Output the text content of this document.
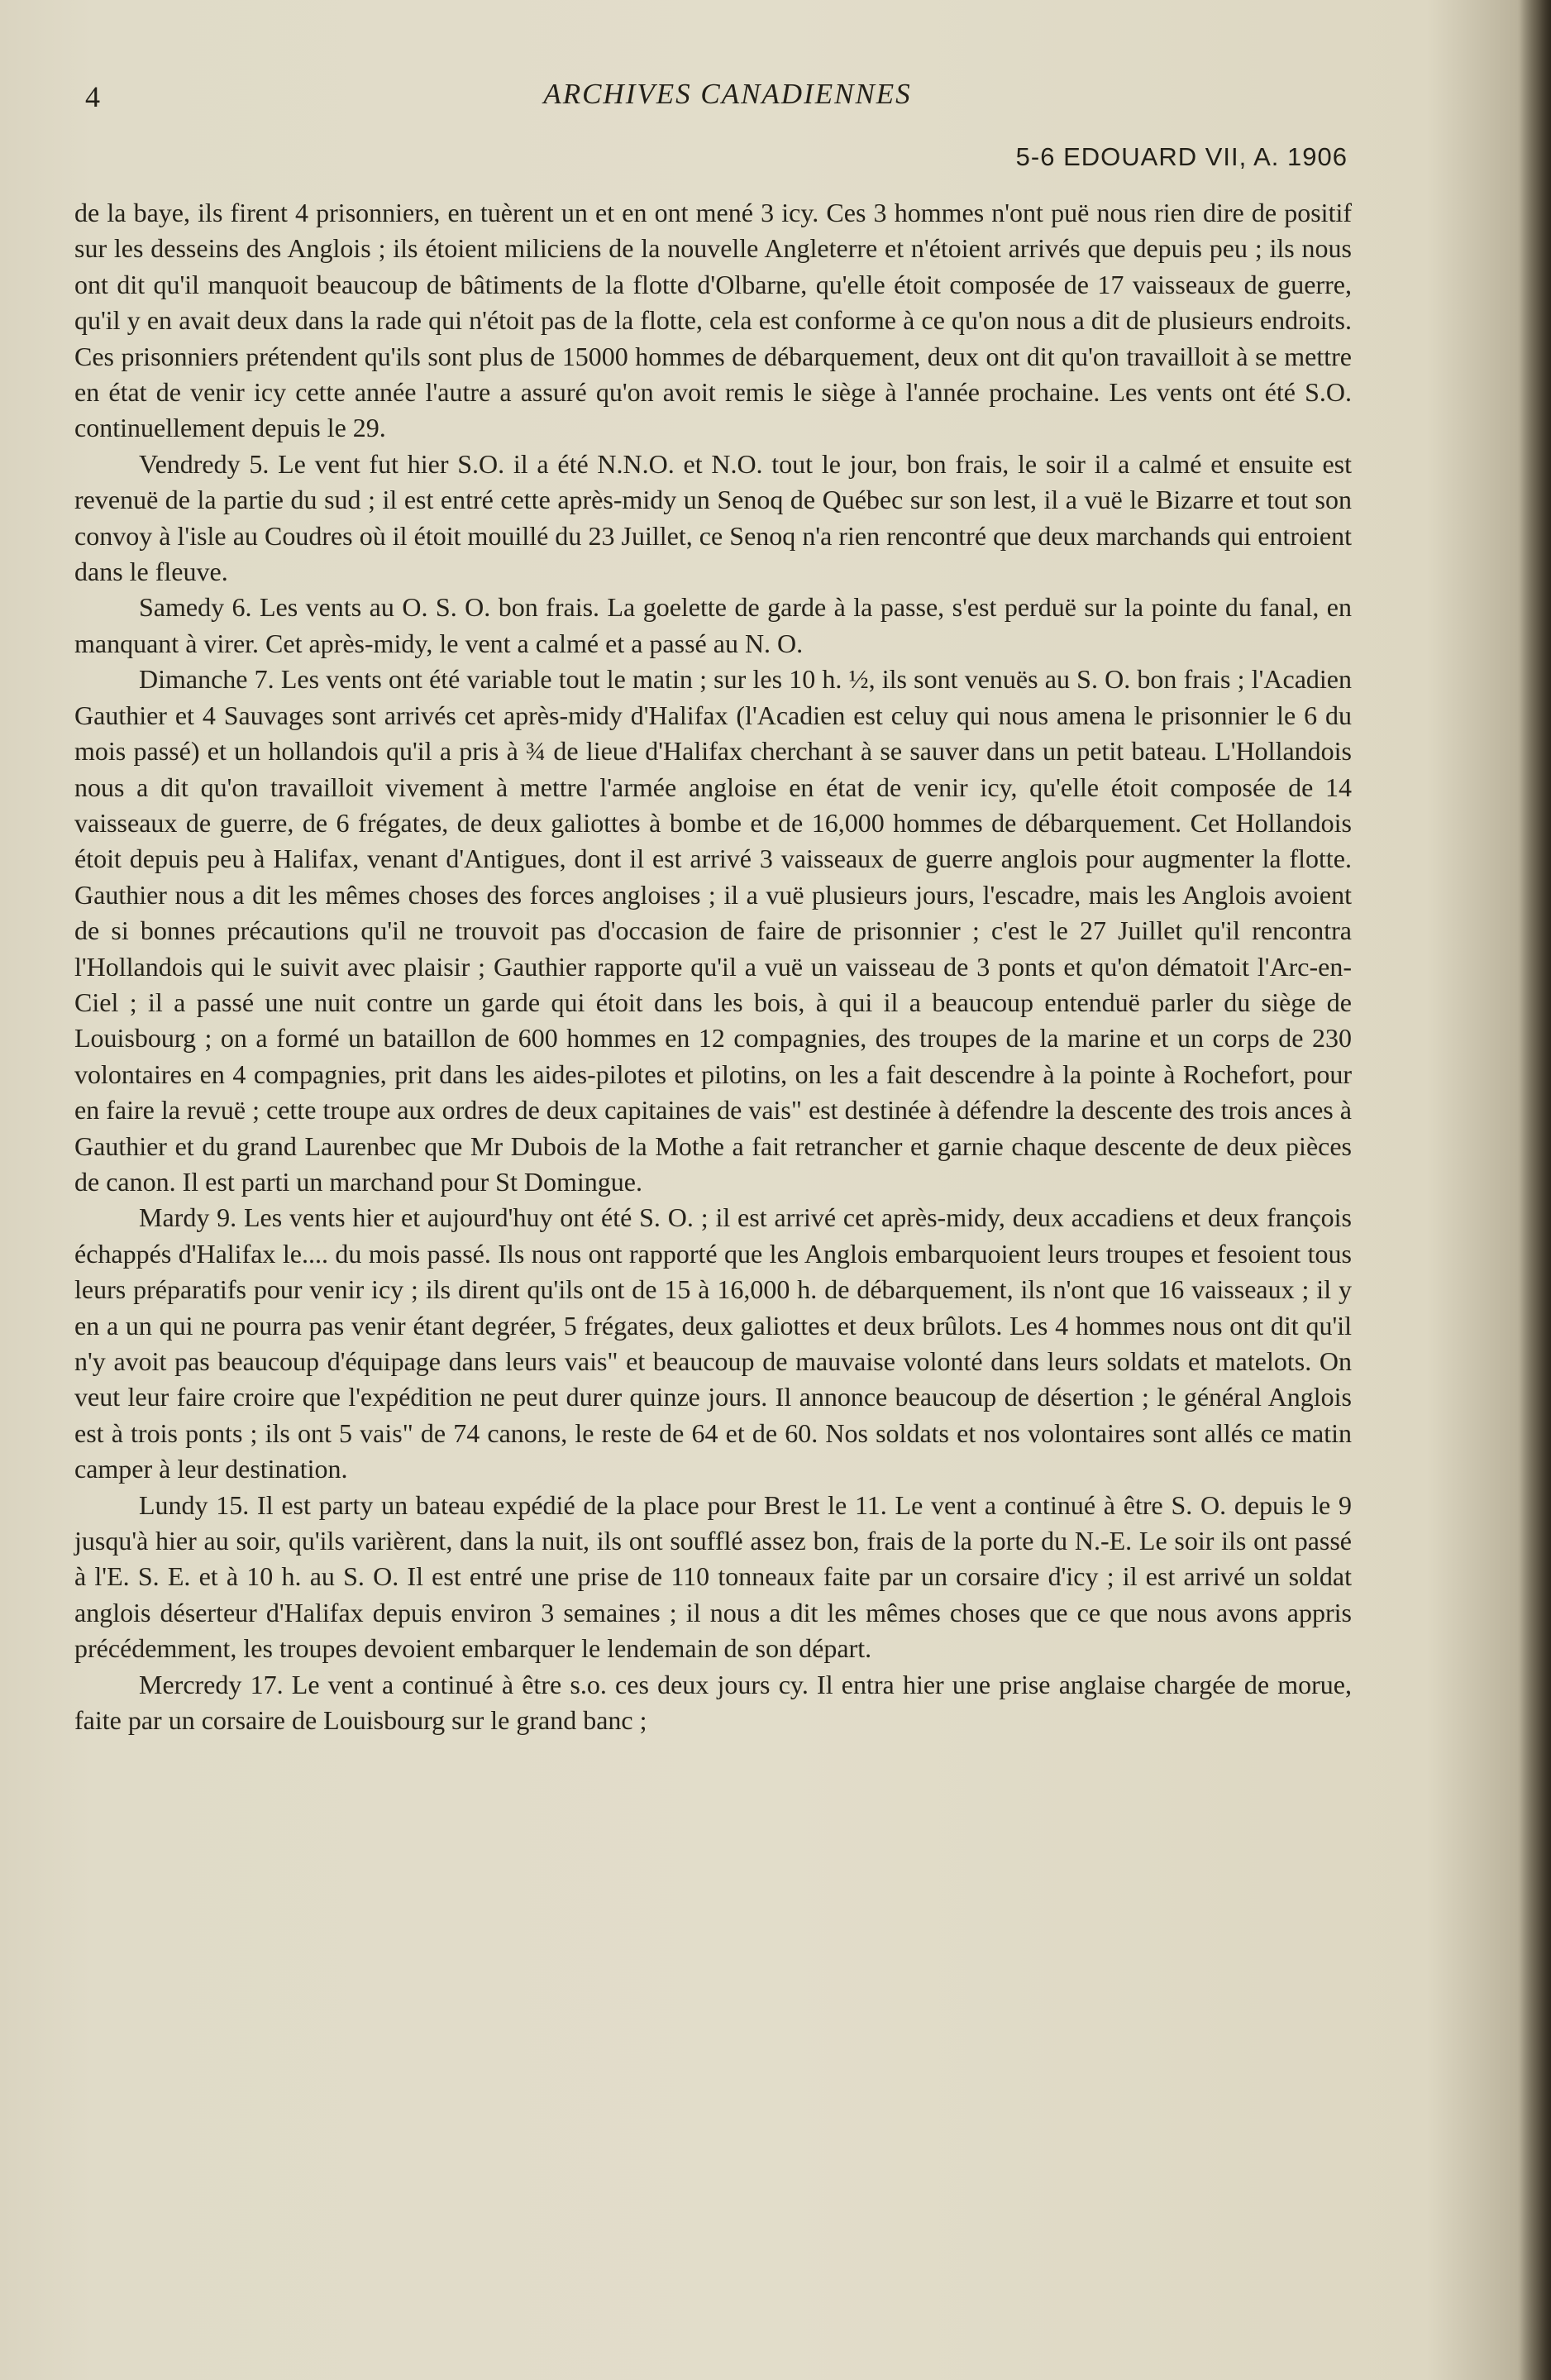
4	ARCHIVES CANADIENNES
5-6 EDOUARD VII, A. 1906

de la baye, ils firent 4 prisonniers, en tuèrent un et en ont mené 3 icy. Ces 3 hommes n'ont puë nous rien dire de positif sur les desseins des Anglois ; ils étoient miliciens de la nouvelle Angleterre et n'étoient arrivés que depuis peu ; ils nous ont dit qu'il manquoit beaucoup de bâtiments de la flotte d'Olbarne, qu'elle étoit composée de 17 vaisseaux de guerre, qu'il y en avait deux dans la rade qui n'étoit pas de la flotte, cela est conforme à ce qu'on nous a dit de plusieurs endroits. Ces prisonniers prétendent qu'ils sont plus de 15000 hommes de débarquement, deux ont dit qu'on travailloit à se mettre en état de venir icy cette année l'autre a assuré qu'on avoit remis le siège à l'année prochaine. Les vents ont été S.O. continuellement depuis le 29.

Vendredy 5. Le vent fut hier S.O. il a été N.N.O. et N.O. tout le jour, bon frais, le soir il a calmé et ensuite est revenuë de la partie du sud ; il est entré cette après-midy un Senoq de Québec sur son lest, il a vuë le Bizarre et tout son convoy à l'isle au Coudres où il étoit mouillé du 23 Juillet, ce Senoq n'a rien rencontré que deux marchands qui entroient dans le fleuve.

Samedy 6. Les vents au O. S. O. bon frais. La goelette de garde à la passe, s'est perduë sur la pointe du fanal, en manquant à virer. Cet après-midy, le vent a calmé et a passé au N. O.

Dimanche 7. Les vents ont été variable tout le matin ; sur les 10 h. ½, ils sont venuës au S. O. bon frais ; l'Acadien Gauthier et 4 Sauvages sont arrivés cet après-midy d'Halifax (l'Acadien est celuy qui nous amena le prisonnier le 6 du mois passé) et un hollandois qu'il a pris à ¾ de lieue d'Halifax cherchant à se sauver dans un petit bateau. L'Hollandois nous a dit qu'on travailloit vivement à mettre l'armée angloise en état de venir icy, qu'elle étoit composée de 14 vaisseaux de guerre, de 6 frégates, de deux galiottes à bombe et de 16,000 hommes de débarquement. Cet Hollandois étoit depuis peu à Halifax, venant d'Antigues, dont il est arrivé 3 vaisseaux de guerre anglois pour augmenter la flotte. Gauthier nous a dit les mêmes choses des forces angloises ; il a vuë plusieurs jours, l'escadre, mais les Anglois avoient de si bonnes précautions qu'il ne trouvoit pas d'occasion de faire de prisonnier ; c'est le 27 Juillet qu'il rencontra l'Hollandois qui le suivit avec plaisir ; Gauthier rapporte qu'il a vuë un vaisseau de 3 ponts et qu'on dématoit l'Arc-en-Ciel ; il a passé une nuit contre un garde qui étoit dans les bois, à qui il a beaucoup entenduë parler du siège de Louisbourg ; on a formé un bataillon de 600 hommes en 12 compagnies, des troupes de la marine et un corps de 230 volontaires en 4 compagnies, prit dans les aides-pilotes et pilotins, on les a fait descendre à la pointe à Rochefort, pour en faire la revuë ; cette troupe aux ordres de deux capitaines de vais" est destinée à défendre la descente des trois ances à Gauthier et du grand Laurenbec que Mr Dubois de la Mothe a fait retrancher et garnie chaque descente de deux pièces de canon. Il est parti un marchand pour St Domingue.

Mardy 9. Les vents hier et aujourd'huy ont été S. O. ; il est arrivé cet après-midy, deux accadiens et deux françois échappés d'Halifax le.... du mois passé. Ils nous ont rapporté que les Anglois embarquoient leurs troupes et fesoient tous leurs préparatifs pour venir icy ; ils dirent qu'ils ont de 15 à 16,000 h. de débarquement, ils n'ont que 16 vaisseaux ; il y en a un qui ne pourra pas venir étant degréer, 5 frégates, deux galiottes et deux brûlots. Les 4 hommes nous ont dit qu'il n'y avoit pas beaucoup d'équipage dans leurs vais" et beaucoup de mauvaise volonté dans leurs soldats et matelots. On veut leur faire croire que l'expédition ne peut durer quinze jours. Il annonce beaucoup de désertion ; le général Anglois est à trois ponts ; ils ont 5 vais" de 74 canons, le reste de 64 et de 60. Nos soldats et nos volontaires sont allés ce matin camper à leur destination.

Lundy 15. Il est party un bateau expédié de la place pour Brest le 11. Le vent a continué à être S. O. depuis le 9 jusqu'à hier au soir, qu'ils varièrent, dans la nuit, ils ont soufflé assez bon, frais de la porte du N.-E. Le soir ils ont passé à l'E. S. E. et à 10 h. au S. O. Il est entré une prise de 110 tonneaux faite par un corsaire d'icy ; il est arrivé un soldat anglois déserteur d'Halifax depuis environ 3 semaines ; il nous a dit les mêmes choses que ce que nous avons appris précédemment, les troupes devoient embarquer le lendemain de son départ.

Mercredy 17. Le vent a continué à être s.o. ces deux jours cy. Il entra hier une prise anglaise chargée de morue, faite par un corsaire de Louisbourg sur le grand banc ;
